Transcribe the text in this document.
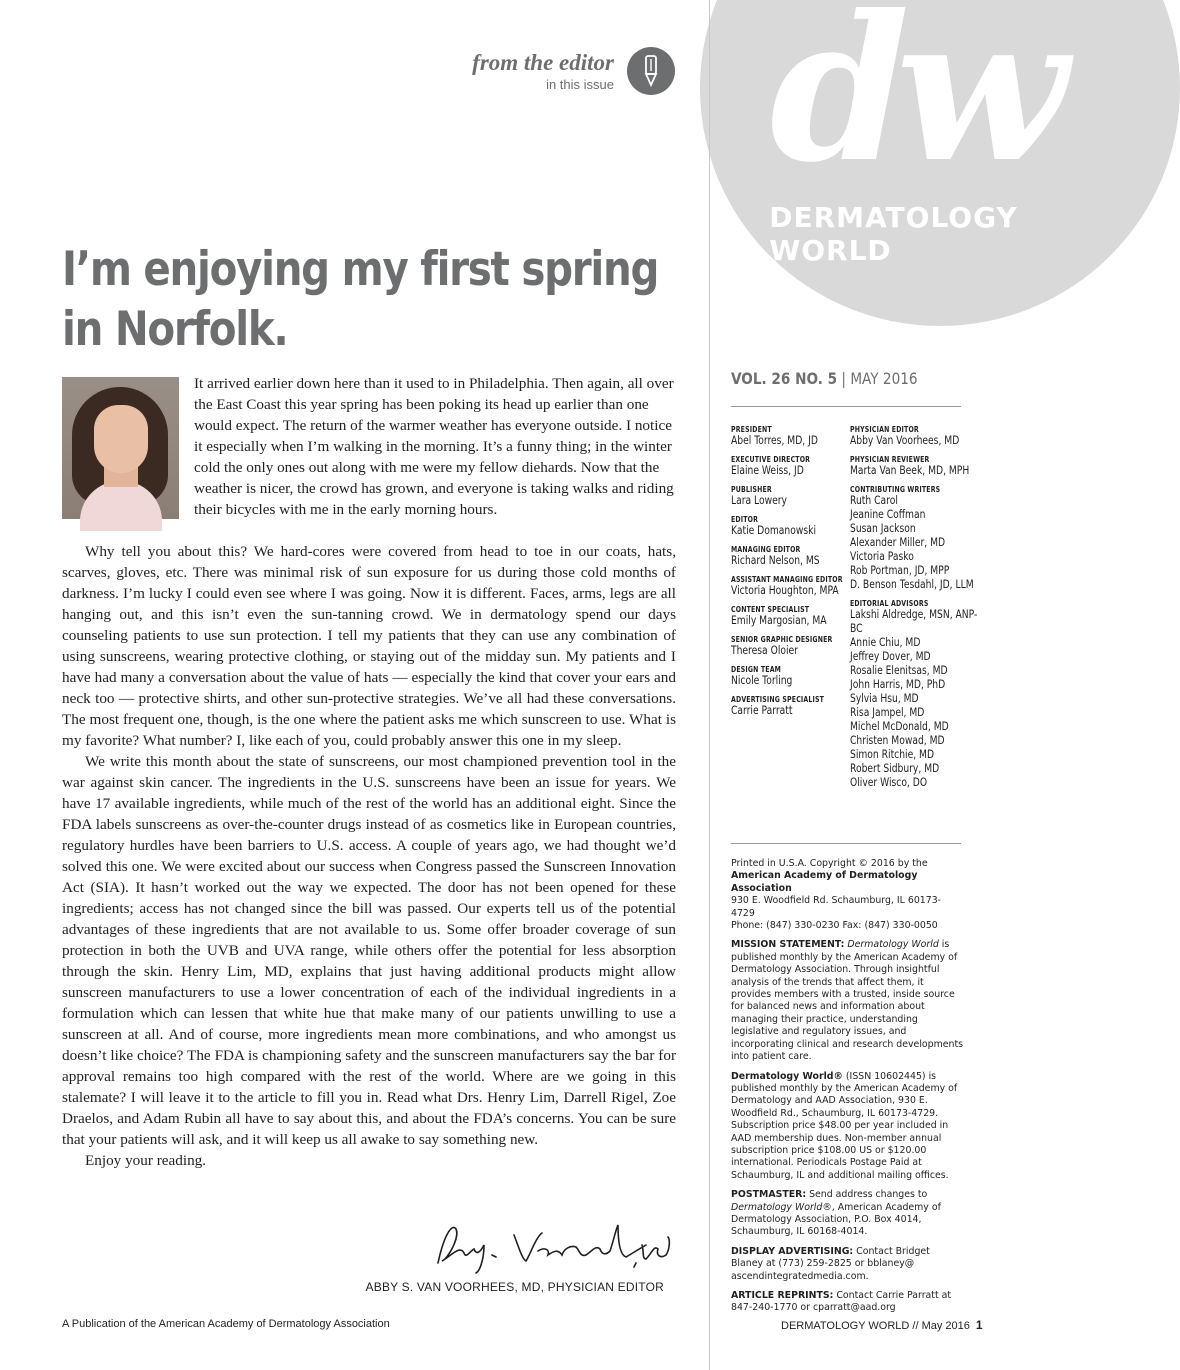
dw
DERMATOLOGY
WORLD
from the editor
in this issue
I’m enjoying my first spring in Norfolk.
It arrived earlier down here than it used to in Philadelphia. Then again, all over the East Coast this year spring has been poking its head up earlier than one would expect. The return of the warmer weather has everyone outside. I notice it especially when I’m walking in the morning. It’s a funny thing; in the winter cold the only ones out along with me were my fellow diehards. Now that the weather is nicer, the crowd has grown, and everyone is taking walks and riding their bicycles with me in the early morning hours.

Why tell you about this? We hard-cores were covered from head to toe in our coats, hats, scarves, gloves, etc. There was minimal risk of sun exposure for us during those cold months of darkness. I’m lucky I could even see where I was going. Now it is different. Faces, arms, legs are all hanging out, and this isn’t even the sun-tanning crowd. We in dermatology spend our days counseling patients to use sun protection. I tell my patients that they can use any combination of using sunscreens, wearing protective clothing, or staying out of the midday sun. My patients and I have had many a conversation about the value of hats — especially the kind that cover your ears and neck too — protective shirts, and other sun-protective strategies. We’ve all had these conversations. The most frequent one, though, is the one where the patient asks me which sunscreen to use. What is my favorite? What number? I, like each of you, could probably answer this one in my sleep.

We write this month about the state of sunscreens, our most championed prevention tool in the war against skin cancer. The ingredients in the U.S. sunscreens have been an issue for years. We have 17 available ingredients, while much of the rest of the world has an additional eight. Since the FDA labels sunscreens as over-the-counter drugs instead of as cosmetics like in European countries, regulatory hurdles have been barriers to U.S. access. A couple of years ago, we had thought we’d solved this one. We were excited about our success when Congress passed the Sunscreen Innovation Act (SIA). It hasn’t worked out the way we expected. The door has not been opened for these ingredients; access has not changed since the bill was passed. Our experts tell us of the potential advantages of these ingredients that are not available to us. Some offer broader coverage of sun protection in both the UVB and UVA range, while others offer the potential for less absorption through the skin. Henry Lim, MD, explains that just having additional products might allow sunscreen manufacturers to use a lower concentration of each of the individual ingredients in a formulation which can lessen that white hue that make many of our patients unwilling to use a sunscreen at all. And of course, more ingredients mean more combinations, and who amongst us doesn’t like choice? The FDA is championing safety and the sunscreen manufacturers say the bar for approval remains too high compared with the rest of the world. Where are we going in this stalemate? I will leave it to the article to fill you in. Read what Drs. Henry Lim, Darrell Rigel, Zoe Draelos, and Adam Rubin all have to say about this, and about the FDA’s concerns. You can be sure that your patients will ask, and it will keep us all awake to say something new.

Enjoy your reading.

ABBY S. VAN VOORHEES, MD, PHYSICIAN EDITOR
A Publication of the American Academy of Dermatology Association	DERMATOLOGY WORLD // May 2016 1
VOL. 26 NO. 5 | MAY 2016
PRESIDENT
Abel Torres, MD, JD
EXECUTIVE DIRECTOR
Elaine Weiss, JD
PUBLISHER
Lara Lowery
EDITOR
Katie Domanowski
MANAGING EDITOR
Richard Nelson, MS
ASSISTANT MANAGING EDITOR
Victoria Houghton, MPA
CONTENT SPECIALIST
Emily Margosian, MA
SENIOR GRAPHIC DESIGNER
Theresa Oloier
DESIGN TEAM
Nicole Torling
ADVERTISING SPECIALIST
Carrie Parratt
PHYSICIAN EDITOR
Abby Van Voorhees, MD
PHYSICIAN REVIEWER
Marta Van Beek, MD, MPH
CONTRIBUTING WRITERS
Ruth Carol
Jeanine Coffman
Susan Jackson
Alexander Miller, MD
Victoria Pasko
Rob Portman, JD, MPP
D. Benson Tesdahl, JD, LLM
EDITORIAL ADVISORS
Lakshi Aldredge, MSN, ANP-BC
Annie Chiu, MD
Jeffrey Dover, MD
Rosalie Elenitsas, MD
John Harris, MD, PhD
Sylvia Hsu, MD
Risa Jampel, MD
Michel McDonald, MD
Christen Mowad, MD
Simon Ritchie, MD
Robert Sidbury, MD
Oliver Wisco, DO
Printed in U.S.A. Copyright © 2016 by the
American Academy of Dermatology Association
930 E. Woodfield Rd. Schaumburg, IL 60173-4729
Phone: (847) 330-0230 Fax: (847) 330-0050

MISSION STATEMENT: Dermatology World is published monthly by the American Academy of Dermatology Association. Through insightful analysis of the trends that affect them, it provides members with a trusted, inside source for balanced news and information about managing their practice, understanding legislative and regulatory issues, and incorporating clinical and research developments into patient care.

Dermatology World® (ISSN 10602445) is published monthly by the American Academy of Dermatology and AAD Association, 930 E. Woodfield Rd., Schaumburg, IL 60173-4729. Subscription price $48.00 per year included in AAD membership dues. Non-member annual subscription price $108.00 US or $120.00 international. Periodicals Postage Paid at Schaumburg, IL and additional mailing offices.

POSTMASTER: Send address changes to Dermatology World®, American Academy of Dermatology Association, P.O. Box 4014, Schaumburg, IL 60168-4014.

DISPLAY ADVERTISING: Contact Bridget Blaney at (773) 259-2825 or bblaney@ ascendintegratedmedia.com.

ARTICLE REPRINTS: Contact Carrie Parratt at 847-240-1770 or cparratt@aad.org
